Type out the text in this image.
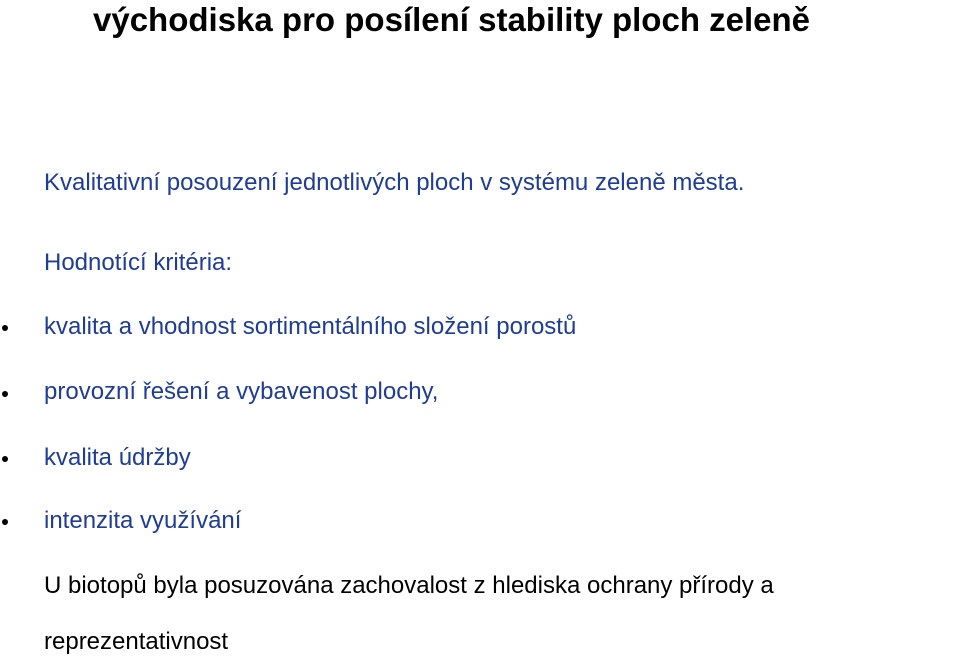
východiska pro posílení stability ploch zeleně
Kvalitativní posouzení jednotlivých ploch v systému zeleně města.
Hodnotící kritéria:
kvalita a vhodnost sortimentálního složení porostů
provozní řešení a vybavenost plochy,
kvalita údržby
intenzita využívání
U biotopů byla posuzována zachovalost z hlediska ochrany přírody a
reprezentativnost
